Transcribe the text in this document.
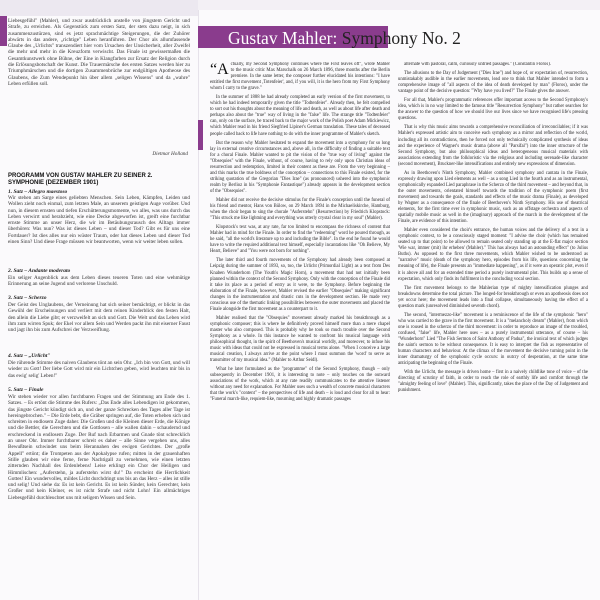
Liebesgefühl" (Mahler), und zwar ausdrücklich anstelle von jüngstem Gericht und Strafe, zu erreichen. Als Gegenstück zum ersten Satz, der stets dazu neigt, in sich zusammenzustürzen, sind es jetzt sprachmächtige Steigerungen, die der Zuhörer abwärts in das andere, „richtige" Leben heranführen. Der Chor als allumfassende Glaube des „Urlichts" transzendiert hier vom Ursachen der Unsicherheit, aller Zweifel die mehr und mehr in die Kreuzform verwischt. Das Finale ist gewissermaßen die Gesamtkunstwerk ohne Bühne, der Eine in Klangfarben zur Ersatz der Religion durch die Erlösungsbotschaft der Kunst. Die Trauermärsche des ersten Satzes werden hier zu Triumphmärschen und die dortigen Zusammenbrüche zur endgültigen Apotheose des Glaubens, die Zum Wendepunkt hin über allem „seligen Wissens" und da „wahre" Leben erfüllen soll.
Dietmar Holland
PROGRAMM VON GUSTAV MAHLER ZU SEINER 2. SYMPHONIE (DEZEMBER 1901)
1. Satz – Allegro maestoso
Wir stehen am Sarge eines geliebten Menschen. Sein Leben, Kämpfen, Leiden und Wollen zieht noch einmal, zum letzten Male, an unserem geistigen Auge vorüber. Und nun, in diesem ernsten und tiefen Erschütterungsmomente, wo alles, was uns durch das Leben verwirrt und herabzieht, wie eine Decke abgeworfen ist, greift eine furchtbar ernste Stimme an unser Herz, die wir im Betäubungsrausch des Alltags immer überhören: Was nun? Was ist dieses Leben – und dieser Tod? Gibt es für uns eine Fortdauer? Ist dies alles nur ein wüster Traum, oder hat dieses Leben und dieser Tod einen Sinn? Und diese Frage müssen wir beantworten, wenn wir weiter leben sollen.
2. Satz – Andante moderato
Ein seliger Augenblick aus dem Leben dieses teueren Toten und eine wehmütige Erinnerung an seine Jugend und verlorene Unschuld.
3. Satz – Scherzo
Der Geist des Unglaubens, der Verneinung hat sich seiner bemächtigt, er blickt in das Gewühl der Erscheinungen und verliert mit dem reinen Kinderblick den festen Halt, den allein die Liebe gibt; er verzweifelt an sich und Gott. Die Welt und das Leben wird ihm zum wirren Spuk; der Ekel vor allem Sein und Werden packt ihn mit eiserner Faust und jagt ihn bis zum Aufschrei der Verzweiflung.
4. Satz – „Urlicht"
Die rührende Stimme des naiven Glaubens tönt an sein Ohr. „Ich bin von Gott, und will wieder zu Gott! Der liebe Gott wird mir ein Lichtchen geben, wird leuchten mir bis in das ewig' selig' Leben!"
5. Satz – Finale
Wir stehen wieder vor allen furchtbaren Fragen und der Stimmung am Ende des 1. Satzes. – Es ertönt die Stimme des Rufers: „Das Ende alles Lebendigen ist gekommen, das jüngste Gericht kündigt sich an, und der ganze Schrecken des Tages aller Tage ist hereingebrochen." – Die Erde bebt, die Gräber springen auf, die Toten erheben sich und schreiten in endlosem Zuge daher. Die Großen und die Kleinen dieser Erde, die Könige und die Bettler, die Gerechten und die Gottlosen – alle wallen dahin – schaudernd und erschreckend in endlosem Zuge. Der Ruf nach Erbarmen und Gnade tönt schrecklich an unser Ohr. Immer furchtbarer schreit es daher – alle Sinne vergehen uns, alles Bewußtsein schwindet uns beim Herannahen des ewigen Gerichtes. Der „große Appell" ertönt; die Trompeten aus der Apokalypse rufen; mitten in der grauenhaften Stille glauben wir eine ferne, ferne Nachtigall zu vernehmen, wie einen letzten zitternden Nachhall des Erdenlebens! Leise erklingt ein Chor der Heiligen und Himmlischen: „Auferstehn, ja auferstehn wirst du!" Da erscheint die Herrlichkeit Gottes! Ein wundervolles, mildes Licht durchdringt uns bis an das Herz – alles ist stille und selig! Und siehe da: Es ist kein Gericht. Es ist kein Sünder, kein Gerechter, kein Großer und kein Kleiner, es ist nicht Strafe und nicht Lohn! Ein allmächtiges Liebesgefühl durchleuchtet uns mit seligem Wissen und Sein.
Gustav Mahler: Symphony No. 2

“Actually, my Second Symphony continues where the First leaves off", wrote Mahler to the music critic Max Marschalk on 26 March 1896, three months after the Berlin premiere. In the same letter, the composer further elucidated his intentions: "I have entitled the first movement ,Totenfeier', and, if you will, it is the hero from my First Symphony whom I carry to the grave."

In the summer of 1888 he had already completed an early version of the first movement, to which he had indeed temporarily given the title "Todtenfeier". Already then, he felt compelled to sort out his thoughts about the meaning of life and death, as well as about life after death and perhaps also about the "true" way of living in the "false" life. The strange title "Todtenfeier" can, only on the surface, be traced back to the major work of the Polish poet Adam Mickiewicz, which Mahler read in his friend Siegfried Lipiner's German translation. These tales of deceased people called back to life have nothing to do with the inner programme of Mahler's sketch.

But the reason why Mahler hesitated to expand the movement into a symphony for so long lay in external creative circumstances and, above all, in the difficulty of finding a suitable text for a choral Finale. Mahler wanted to pit the vision of the "true way of living" against the "Obsequies" with the Finale, without, of course, having to rely only upon Christian ideas of resurrection and redemption, limited in their content as these are. From the very beginning – and this marks the true boldness of the conception – connections to this Finale existed, for the striking quotation of the Gregorian "Dies Irae" (as pronounced) ushered into the symphonic realm by Berlioz in his "Symphonie Fantastique") already appears in the development section of the "Obsequies".

Mahler did not receive the decisive stimulus for the Finale's conception until the funeral of his friend and mentor, Hans von Bülow, on 29 March 1894 in the Michaeliskirche, Hamburg, when the choir began to sing the chorale "Auferstehn" (Resurrection) by Friedrich Klopstock: "This struck me like lightning and everything was utterly crystal clear in my soul" (Mahler).

Klopstock's text was, at any rate, far too limited to encompass the richness of content that Mahler had in mind for the Finale. In order to find the "redeeming" word he poured through, as he said, "all the world's literature up to and including the Bible". In the end he found he would have to write the required additional text himself, especially incantations like "Oh Believe, My Heart, Believe" and "You were not born for nothing".

The later third and fourth movements of the Symphony had already been composed at Leipzig during the summer of 1893, so, too, the Urlicht (Primordial Light) as a text from Des Knaben Wunderhorn (The Youth's Magic Horn), a movement that had not initially been planned within the context of the Second Symphony. Only with the conception of the Finale did it take its place as a period of entry as it were, to the Symphony. Before beginning the elaboration of the Finale, however, Mahler revised the earlier "Obsequies" making significant changes in the instrumentation and drastic cuts in the development section. He made very conscious use of the thematic linking possibilities between the outer movements and placed the Finale alongside the first movement as a counterpart to it.

Mahler realised that the "Obsequies" movement already marked his breakthrough as a symphonic composer; this is where he definitively proved himself more than a mere chapel master who also composed. This is probably why he took so much trouble over the Second Symphony as a whole. In this instance he wanted to confront his musical language with philosophical thought, in the spirit of Beethoven's musical worldly, and moreover, to infuse his music with ideas that could not be expressed in musical terms alone. "When I conceive a large musical creation, I always arrive at the point where I must summon the 'word' to serve as transmitter of my musical idea." (Mahler to Arthur Seidl).

What he later formulated as the "programme" of the Second Symphony, though – only subsequently in December 1901, it is interesting to note – only touches on the outward associations of the work, which at any rate readily communicates to the attentive listener without any need for explanation. For Mahler uses such a wealth of concrete musical characters that the work's "content" – the perspectives of life and death – is loud and clear for all to hear: "Funeral march-like, requiem-like, mourning and highly dramatic passages

alternate with pastoral, calm, curiously untried passages." (Constantin Floros).

The allusions to the Day of Judgement ("Dies Irae") and hope of, or expectation of, resurrection, unmistakably audible in the earlier movements, lead one to think that Mahler intended to form a comprehensive image of "all aspects of the idea of death developed by man" (Floros), under the vantage point of the decisive question: "Why have you lived?" The Finale gives the answer.

For all that, Mahler's programmatic references offer important access to the Second Symphony's idea, which is in no way limited to the famous title "Resurrection Symphony" but rather searches for the answer to the question of how we should live our lives since we have recognised life's pressing questions.

That is why this music aims towards a comprehensive reconciliation of irreconcilables; if it was Mahler's expressed artistic aim to conceive each symphony as a mirror and reflection of the world, including all its contradictions, then he forced not only technically complicated synthesis of ideas and the experience of Wagner's music drama (above all "Parsifal") into the inner structure of the Second Symphony, but also philosophical ideas and heterogeneous musical materials with associations extending from the folkloristic via the religious and including serenade-like character (second movement), Bruckner-like intensifications and entirely new expressions of dimension.

As in Beethoven's Ninth Symphony, Mahler combined symphony and cantata in the Finale, expressly drawing upon Lied elements as well – as a song Lied in the fourth and as an instrumental, symphonically expanded Lied paraphrase in the Scherzo of the third movement – and beyond that, in the outer movements, orientated himself towards the tradition of the symphonic poem (first movement) and towards the goals, standards and effects of the music drama (Finale), as developed by Wagner as a consequence of the finale of Beethoven's Ninth Symphony. His use of theatrical elements, for the first time ever in symphonic music, such as an offstage orchestra and aspects of spatially mobile music as well in the (imaginary) approach of the march in the development of the Finale, are evidence of this intention.

Mahler even considered the choir's entrance, the human voices and the delivery of a text in a symphonic context, to be a consciously staged moment: "I advise the choir (which has remained seated up to that point) to be allowed to remain seated only standing up at the E-flat major section 'Wie war, immer (mit) ihr erheben' (Mahler)." This has always had an astounding effect" (to Julius Buths). As opposed to the first three movements, which Mahler wished to be understood as "narrative" music (death of the symphony hero, episodes from his life, questions concerning the meaning of life), the Finale presents an "immediate happening", as if it were an operatic plot, even if it is above all and for an extended time period a purely instrumental plot. This builds up a sense of expectation, which only finds its fulfilment in the concluding vocal section.

The first movement belongs to the Mahlerian type of mighty intensification plunges and breakdowns determine the total picture. The longed-for breakthrough or even an apotheosis does not yet occur here; the movement leads into a final collapse, simultaneously having the effect of a question mark (unresolved diminished seventh chord).

The second, "intermezzo-like" movement is a reminiscence of the life of the symphonic "hero" who was carried to the grave in the first movement. It is a "melancholy dream" (Mahler), from which one is roused in the scherzo of the third movement: in order to reproduce an image of the troubled, confused, "false" life, Mahler here uses – as a purely instrumental utterance, of course – his "Wunderhorn" Lied "The Fish Sermon of Saint Anthony of Padua", the ironical text of which judges the saint's sermon to be without consequence. It is easy to interpret the fish as representative of human characters and behaviour. At the climax of the movement the decisive turning point in the inner dramaturgy of the symphonic cycle occurs: in outcry of desperation, at the same time anticipating the beginning of the Finale.

With the Urlicht, the message is driven home – first in a naively childlike tone of voice – of the directing of scrutiny of faith, in order to reach the role of earthly life and comfort through the "almighty feeling of love" (Mahler). This, significantly, takes the place of the Day of Judgement and punishment.
